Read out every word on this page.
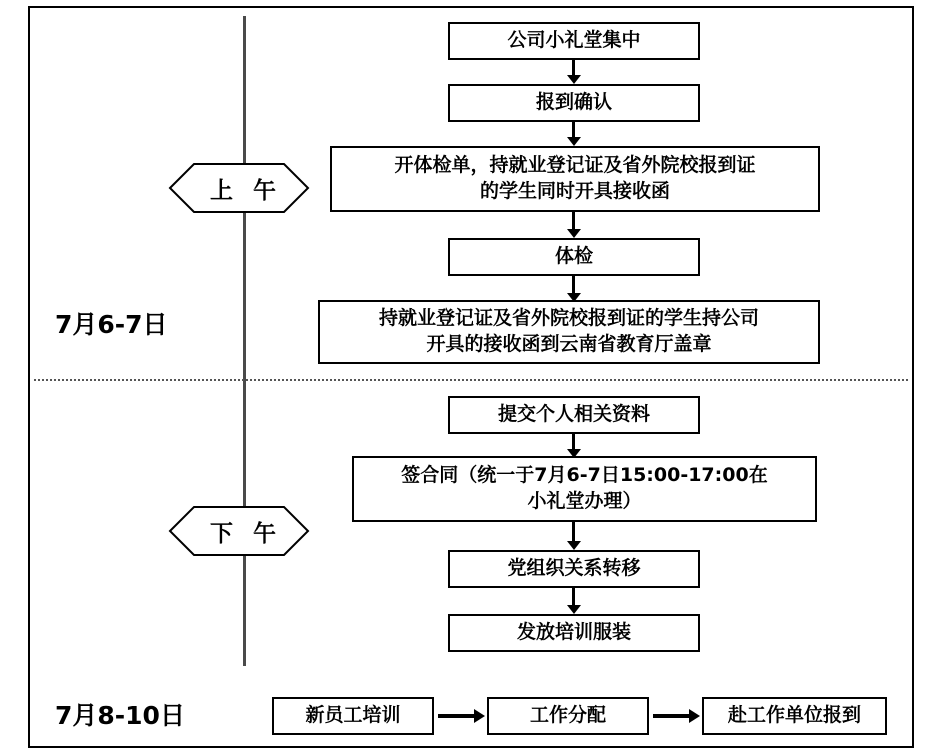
7月6-7日
7月8-10日
上 午
下 午
公司小礼堂集中
报到确认
开体检单，持就业登记证及省外院校报到证
的学生同时开具接收函
体检
持就业登记证及省外院校报到证的学生持公司
开具的接收函到云南省教育厅盖章
提交个人相关资料
签合同（统一于7月6-7日15:00-17:00在
小礼堂办理）
党组织关系转移
发放培训服装
新员工培训	工作分配	赴工作单位报到
